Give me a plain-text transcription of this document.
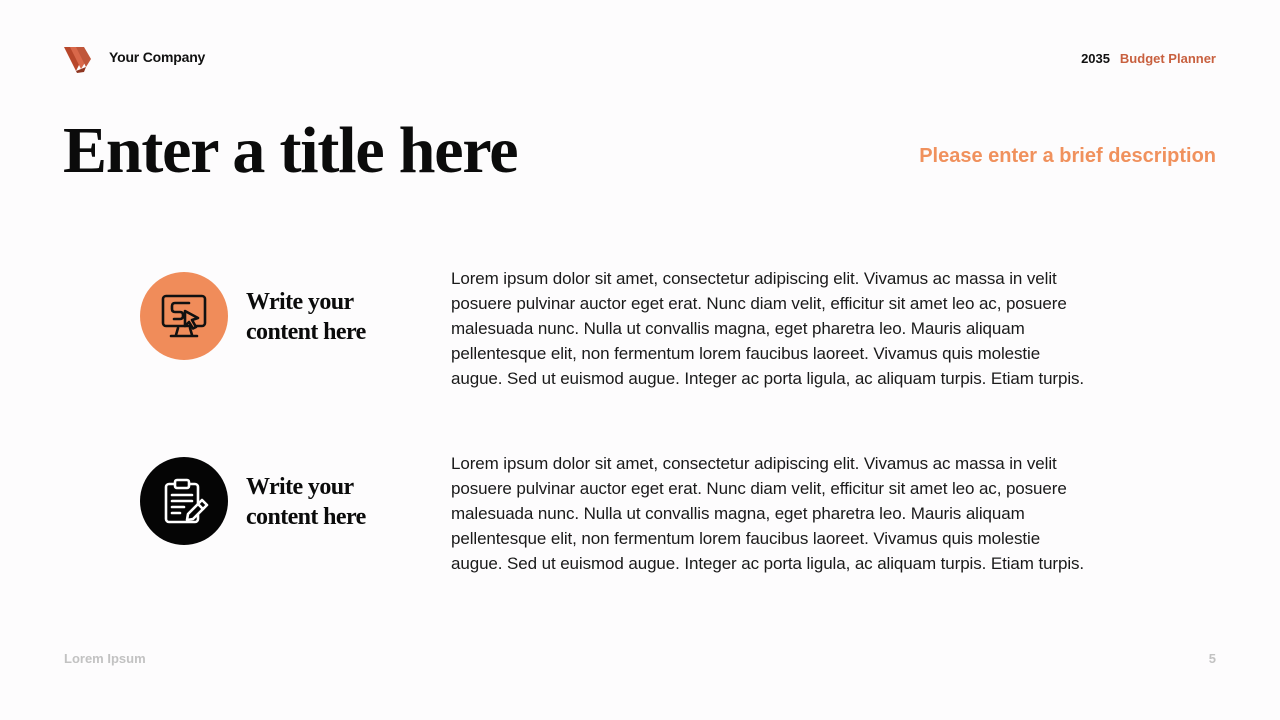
Your Company	2035 Budget Planner
Enter a title here	Please enter a brief description
Write your
content here
Lorem ipsum dolor sit amet, consectetur adipiscing elit. Vivamus ac massa in velit
posuere pulvinar auctor eget erat. Nunc diam velit, efficitur sit amet leo ac, posuere
malesuada nunc. Nulla ut convallis magna, eget pharetra leo. Mauris aliquam
pellentesque elit, non fermentum lorem faucibus laoreet. Vivamus quis molestie
augue. Sed ut euismod augue. Integer ac porta ligula, ac aliquam turpis. Etiam turpis.
Write your
content here
Lorem ipsum dolor sit amet, consectetur adipiscing elit. Vivamus ac massa in velit
posuere pulvinar auctor eget erat. Nunc diam velit, efficitur sit amet leo ac, posuere
malesuada nunc. Nulla ut convallis magna, eget pharetra leo. Mauris aliquam
pellentesque elit, non fermentum lorem faucibus laoreet. Vivamus quis molestie
augue. Sed ut euismod augue. Integer ac porta ligula, ac aliquam turpis. Etiam turpis.
Lorem Ipsum	5
